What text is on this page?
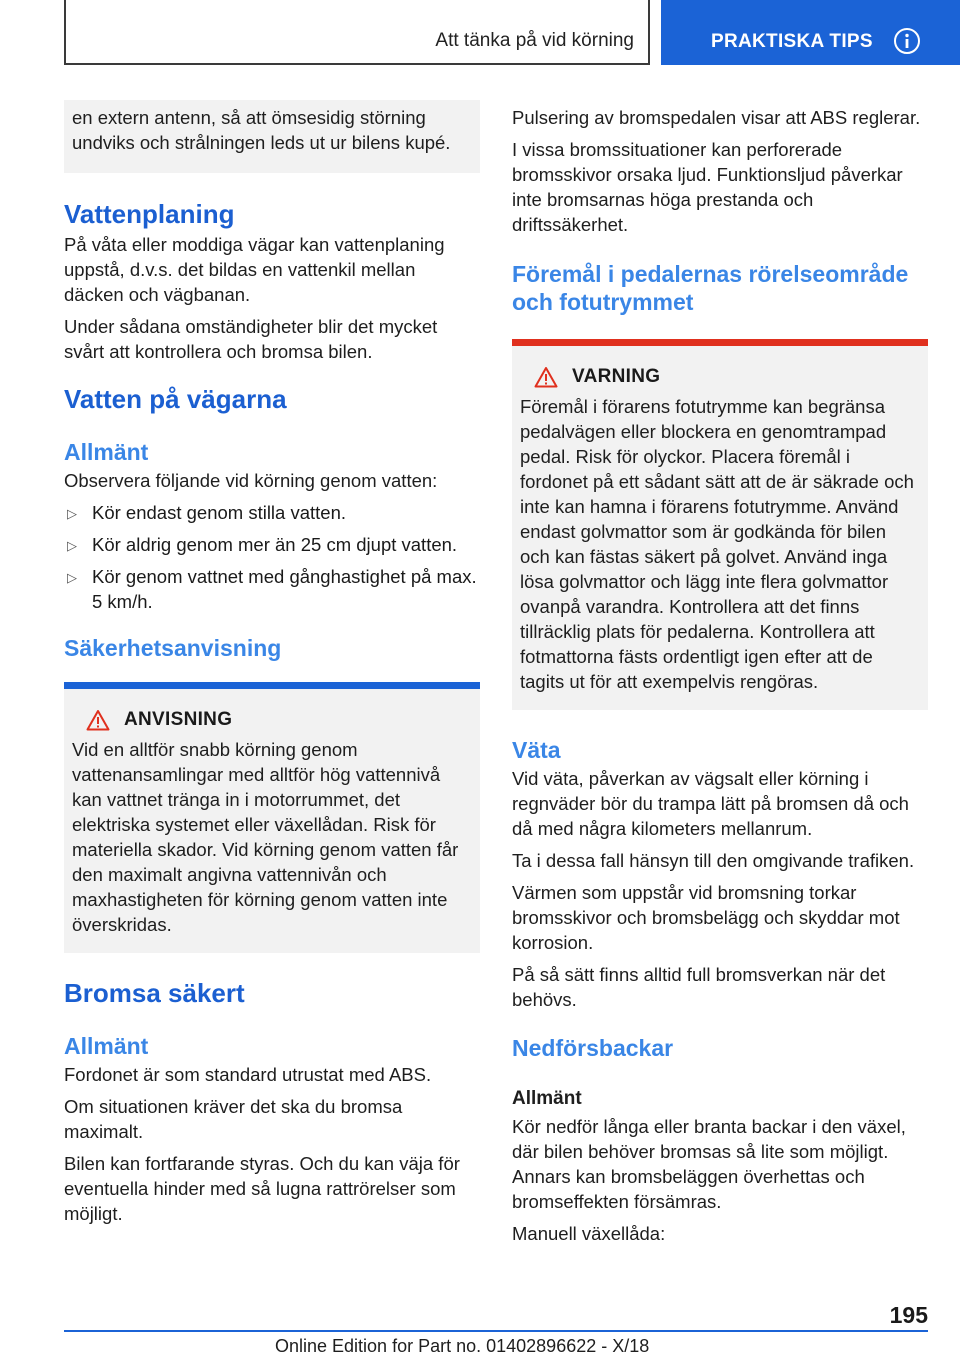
Att tänka på vid körning	PRAKTISKA TIPS

en extern antenn, så att ömsesidig störning undviks och strålningen leds ut ur bilens kupé.

Vattenplaning

På våta eller moddiga vägar kan vattenplaning uppstå, d.v.s. det bildas en vattenkil mellan däcken och vägbanan.

Under sådana omständigheter blir det mycket svårt att kontrollera och bromsa bilen.

Vatten på vägarna
Allmänt

Observera följande vid körning genom vatten:

▷ Kör endast genom stilla vatten.
▷ Kör aldrig genom mer än 25 cm djupt vatten.
▷ Kör genom vattnet med gånghastighet på max. 5 km/h.
Säkerhetsanvisning
ANVISNING

Vid en alltför snabb körning genom vattenansamlingar med alltför hög vattennivå kan vattnet tränga in i motorrummet, det elektriska systemet eller växellådan. Risk för materiella skador. Vid körning genom vatten får den maximalt angivna vattennivån och maxhastigheten för körning genom vatten inte överskridas.

Bromsa säkert
Allmänt

Fordonet är som standard utrustat med ABS.

Om situationen kräver det ska du bromsa maximalt.

Bilen kan fortfarande styras. Och du kan väja för eventuella hinder med så lugna rattrörelser som möjligt.

Pulsering av bromspedalen visar att ABS reglerar.

I vissa bromssituationer kan perforerade bromsskivor orsaka ljud. Funktionsljud påverkar inte bromsarnas höga prestanda och driftssäkerhet.

Föremål i pedalernas rörelseområde och fotutrymmet
VARNING

Föremål i förarens fotutrymme kan begränsa pedalvägen eller blockera en genomtrampad pedal. Risk för olyckor. Placera föremål i fordonet på ett sådant sätt att de är säkrade och inte kan hamna i förarens fotutrymme. Använd endast golvmattor som är godkända för bilen och kan fästas säkert på golvet. Använd inga lösa golvmattor och lägg inte flera golvmattor ovanpå varandra. Kontrollera att det finns tillräcklig plats för pedalerna. Kontrollera att fotmattorna fästs ordentligt igen efter att de tagits ut för att exempelvis rengöras.

Väta

Vid väta, påverkan av vägsalt eller körning i regnväder bör du trampa lätt på bromsen då och då med några kilometers mellanrum.

Ta i dessa fall hänsyn till den omgivande trafiken.

Värmen som uppstår vid bromsning torkar bromsskivor och bromsbelägg och skyddar mot korrosion.

På så sätt finns alltid full bromsverkan när det behövs.

Nedförsbackar
Allmänt

Kör nedför långa eller branta backar i den växel, där bilen behöver bromsas så lite som möjligt. Annars kan bromsbeläggen överhettas och bromseffekten försämras.

Manuell växellåda:

195
Online Edition for Part no. 01402896622 - X/18
